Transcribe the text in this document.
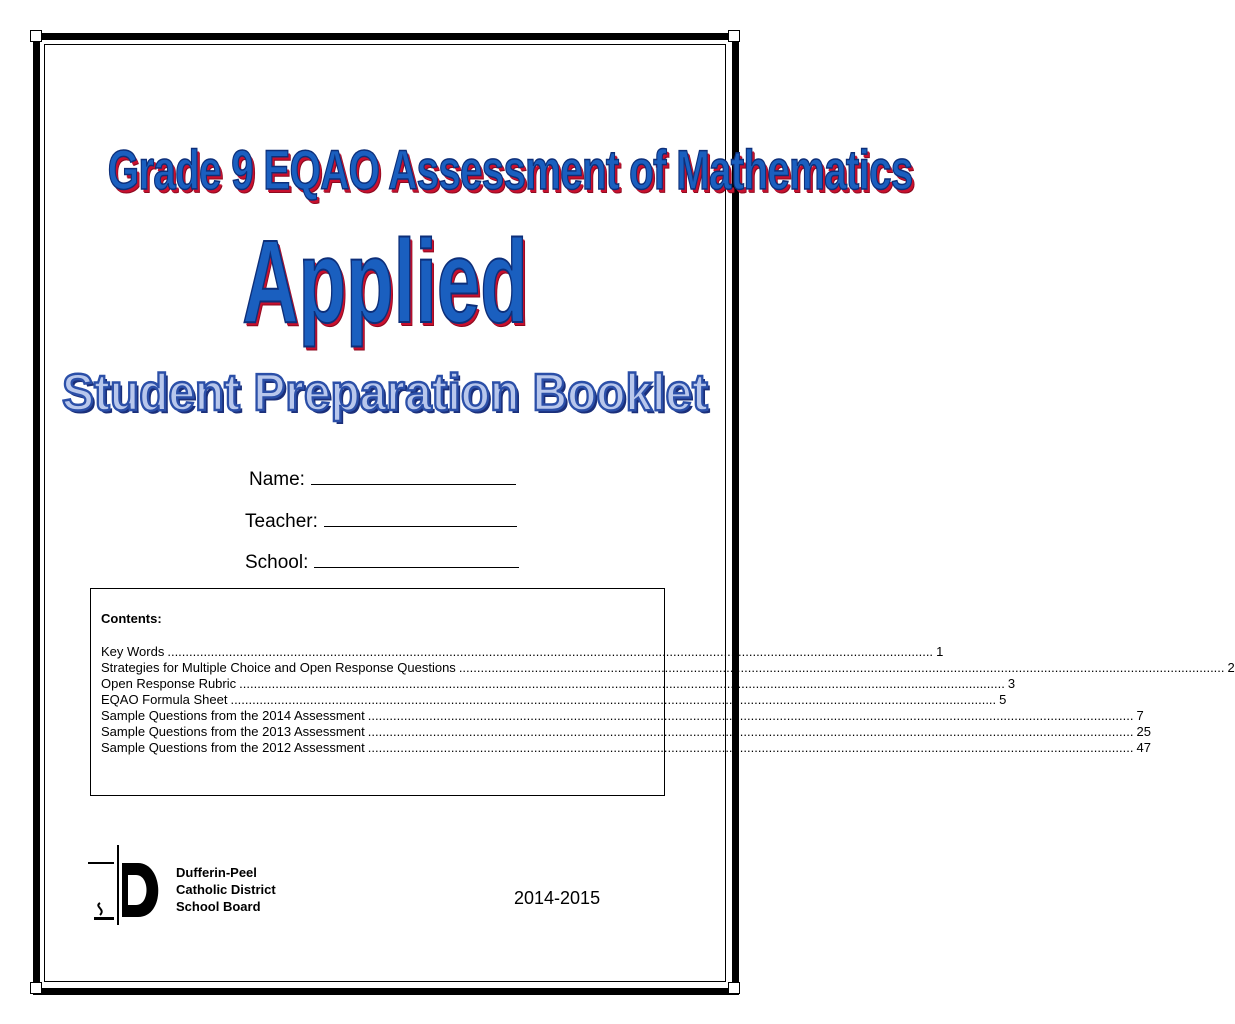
Grade 9 EQAO Assessment of Mathematics
Applied
Student Preparation Booklet
Name:
Teacher:
School:
Contents:
Key Words .....	1
Strategies for Multiple Choice and Open Response Questions .....	2
Open Response Rubric .....	3
EQAO Formula Sheet .....	5
Sample Questions from the 2014 Assessment .....	7
Sample Questions from the 2013 Assessment .....	25
Sample Questions from the 2012 Assessment .....	47
Dufferin-Peel
Catholic District
School Board	2014-2015
